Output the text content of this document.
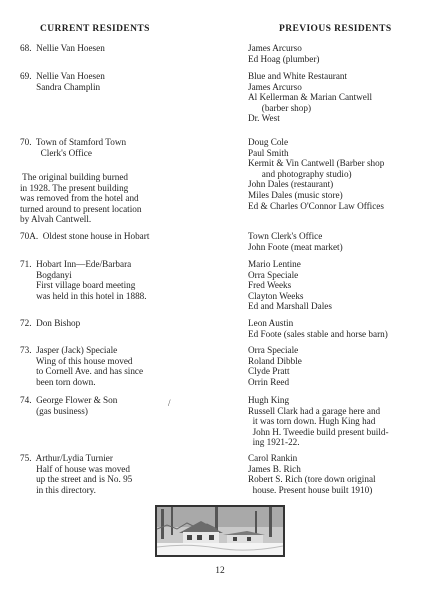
CURRENT RESIDENTS	PREVIOUS RESIDENTS
68.  Nellie Van Hoesen
69.  Nellie Van Hoesen
Sandra Champlin
70.  Town of Stamford Town
Clerk's Office
The original building burned
in 1928. The present building
was removed from the hotel and
turned around to present location
by Alvah Cantwell.
70A.  Oldest stone house in Hobart
71.  Hobart Inn—Ede/Barbara
Bogdanyi
First village board meeting
was held in this hotel in 1888.
72.  Don Bishop
73.  Jasper (Jack) Speciale
Wing of this house moved
to Cornell Ave. and has since
been torn down.
74.  George Flower & Son
(gas business)
/
75.  Arthur/Lydia Turnier
Half of house was moved
up the street and is No. 95
in this directory.
James Arcurso
Ed Hoag (plumber)
Blue and White Restaurant
James Arcurso
Al Kellerman & Marian Cantwell
(barber shop)
Dr. West
Doug Cole
Paul Smith
Kermit & Vin Cantwell (Barber shop
and photography studio)
John Dales (restaurant)
Miles Dales (music store)
Ed & Charles O'Connor Law Offices
Town Clerk's Office
John Foote (meat market)
Mario Lentine
Orra Speciale
Fred Weeks
Clayton Weeks
Ed and Marshall Dales
Leon Austin
Ed Foote (sales stable and horse barn)
Orra Speciale
Roland Dibble
Clyde Pratt
Orrin Reed
Hugh King
Russell Clark had a garage here and
it was torn down. Hugh King had
John H. Tweedie build present build-
ing 1921-22.
Carol Rankin
James B. Rich
Robert S. Rich (tore down original
house. Present house built 1910)
12
